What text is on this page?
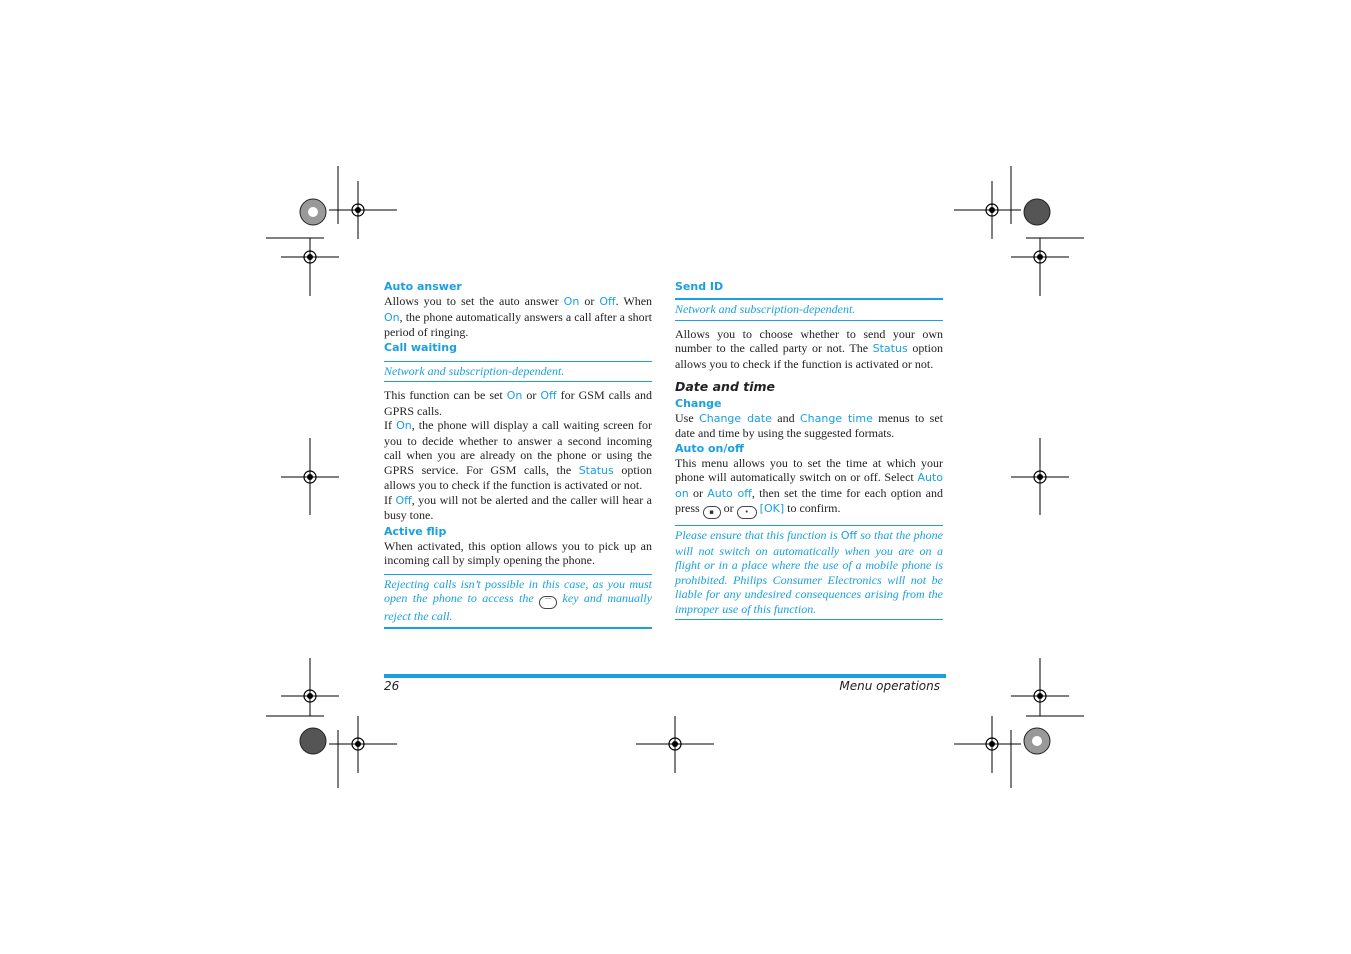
Auto answer

Allows you to set the auto answer On or Off. When On, the phone automatically answers a call after a short period of ringing.

Call waiting
Network and subscription-dependent.

This function can be set On or Off for GSM calls and GPRS calls.

If On, the phone will display a call waiting screen for you to decide whether to answer a second incoming call when you are already on the phone or using the GPRS service. For GSM calls, the Status option allows you to check if the function is activated or not.

If Off, you will not be alerted and the caller will hear a busy tone.

Active flip

When activated, this option allows you to pick up an incoming call by simply opening the phone.

Rejecting calls isn’t possible in this case, as you must open the phone to access the ⌒ key and manually reject the call.
Send ID
Network and subscription-dependent.

Allows you to choose whether to send your own number to the called party or not. The Status option allows you to check if the function is activated or not.

Date and time
Change

Use Change date and Change time menus to set date and time by using the suggested formats.

Auto on/off

This menu allows you to set the time at which your phone will automatically switch on or off. Select Auto on or Auto off, then set the time for each option and press ▪ or • [OK] to confirm.

Please ensure that this function is Off so that the phone will not switch on automatically when you are on a flight or in a place where the use of a mobile phone is prohibited. Philips Consumer Electronics will not be liable for any undesired consequences arising from the improper use of this function.
26	Menu operations
